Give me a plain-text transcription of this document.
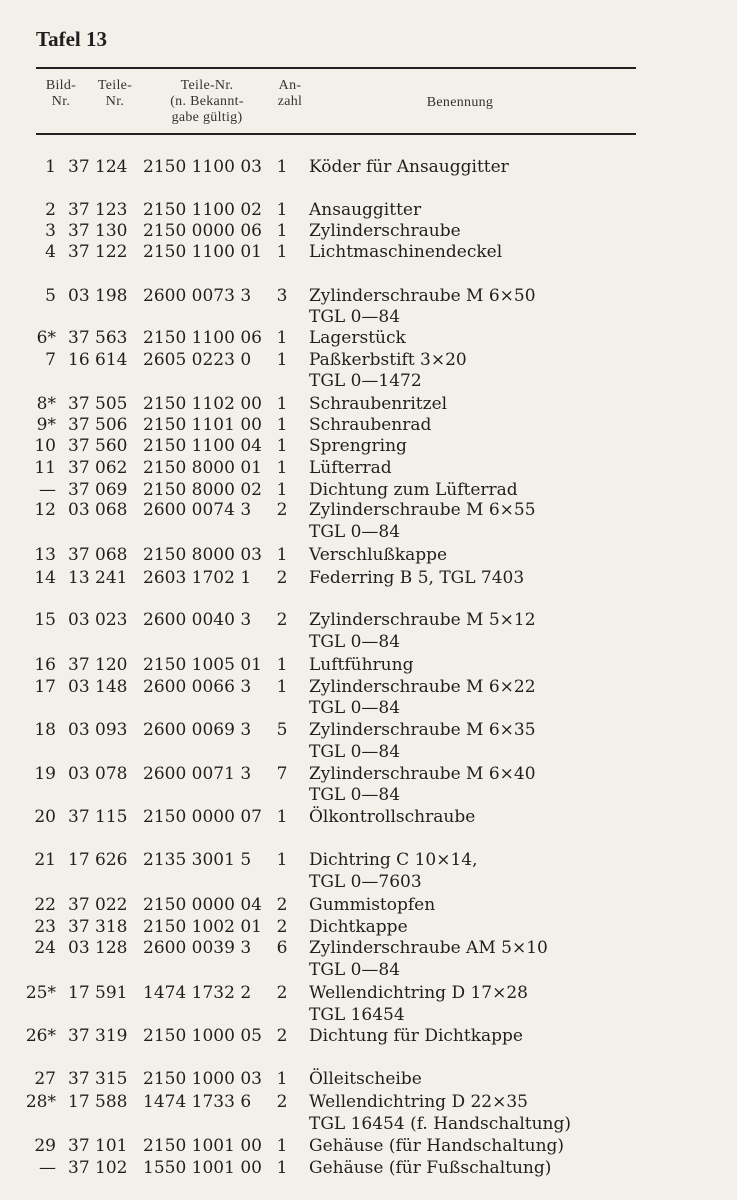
Tafel 13
Bild-
Nr.
Teile-
Nr.
Teile-Nr.
(n. Bekannt-
gabe gültig)
An-
zahl	Benennung
1 37 124 2150 1100 03 1 Köder für Ansauggitter
2 37 123 2150 1100 02 1 Ansauggitter
3 37 130 2150 0000 06 1 Zylinderschraube
4 37 122 2150 1100 01 1 Lichtmaschinendeckel
5 03 198 2600 0073 3 3 Zylinderschraube M 6×50
TGL 0—84
6* 37 563 2150 1100 06 1 Lagerstück
7 16 614 2605 0223 0 1 Paßkerbstift 3×20
TGL 0—1472
8* 37 505 2150 1102 00 1 Schraubenritzel
9* 37 506 2150 1101 00 1 Schraubenrad
10 37 560 2150 1100 04 1 Sprengring
11 37 062 2150 8000 01 1 Lüfterrad
— 37 069 2150 8000 02 1 Dichtung zum Lüfterrad
12 03 068 2600 0074 3 2 Zylinderschraube M 6×55
TGL 0—84
13 37 068 2150 8000 03 1 Verschlußkappe
14 13 241 2603 1702 1 2 Federring B 5, TGL 7403
15 03 023 2600 0040 3 2 Zylinderschraube M 5×12
TGL 0—84
16 37 120 2150 1005 01 1 Luftführung
17 03 148 2600 0066 3 1 Zylinderschraube M 6×22
TGL 0—84
18 03 093 2600 0069 3 5 Zylinderschraube M 6×35
TGL 0—84
19 03 078 2600 0071 3 7 Zylinderschraube M 6×40
TGL 0—84
20 37 115 2150 0000 07 1 Ölkontrollschraube
21 17 626 2135 3001 5 1 Dichtring C 10×14,
TGL 0—7603
22 37 022 2150 0000 04 2 Gummistopfen
23 37 318 2150 1002 01 2 Dichtkappe
24 03 128 2600 0039 3 6 Zylinderschraube AM 5×10
TGL 0—84
25* 17 591 1474 1732 2 2 Wellendichtring D 17×28
TGL 16454
26* 37 319 2150 1000 05 2 Dichtung für Dichtkappe
27 37 315 2150 1000 03 1 Ölleitscheibe
28* 17 588 1474 1733 6 2 Wellendichtring D 22×35
TGL 16454 (f. Handschaltung)
29 37 101 2150 1001 00 1 Gehäuse (für Handschaltung)
— 37 102 1550 1001 00 1 Gehäuse (für Fußschaltung)
